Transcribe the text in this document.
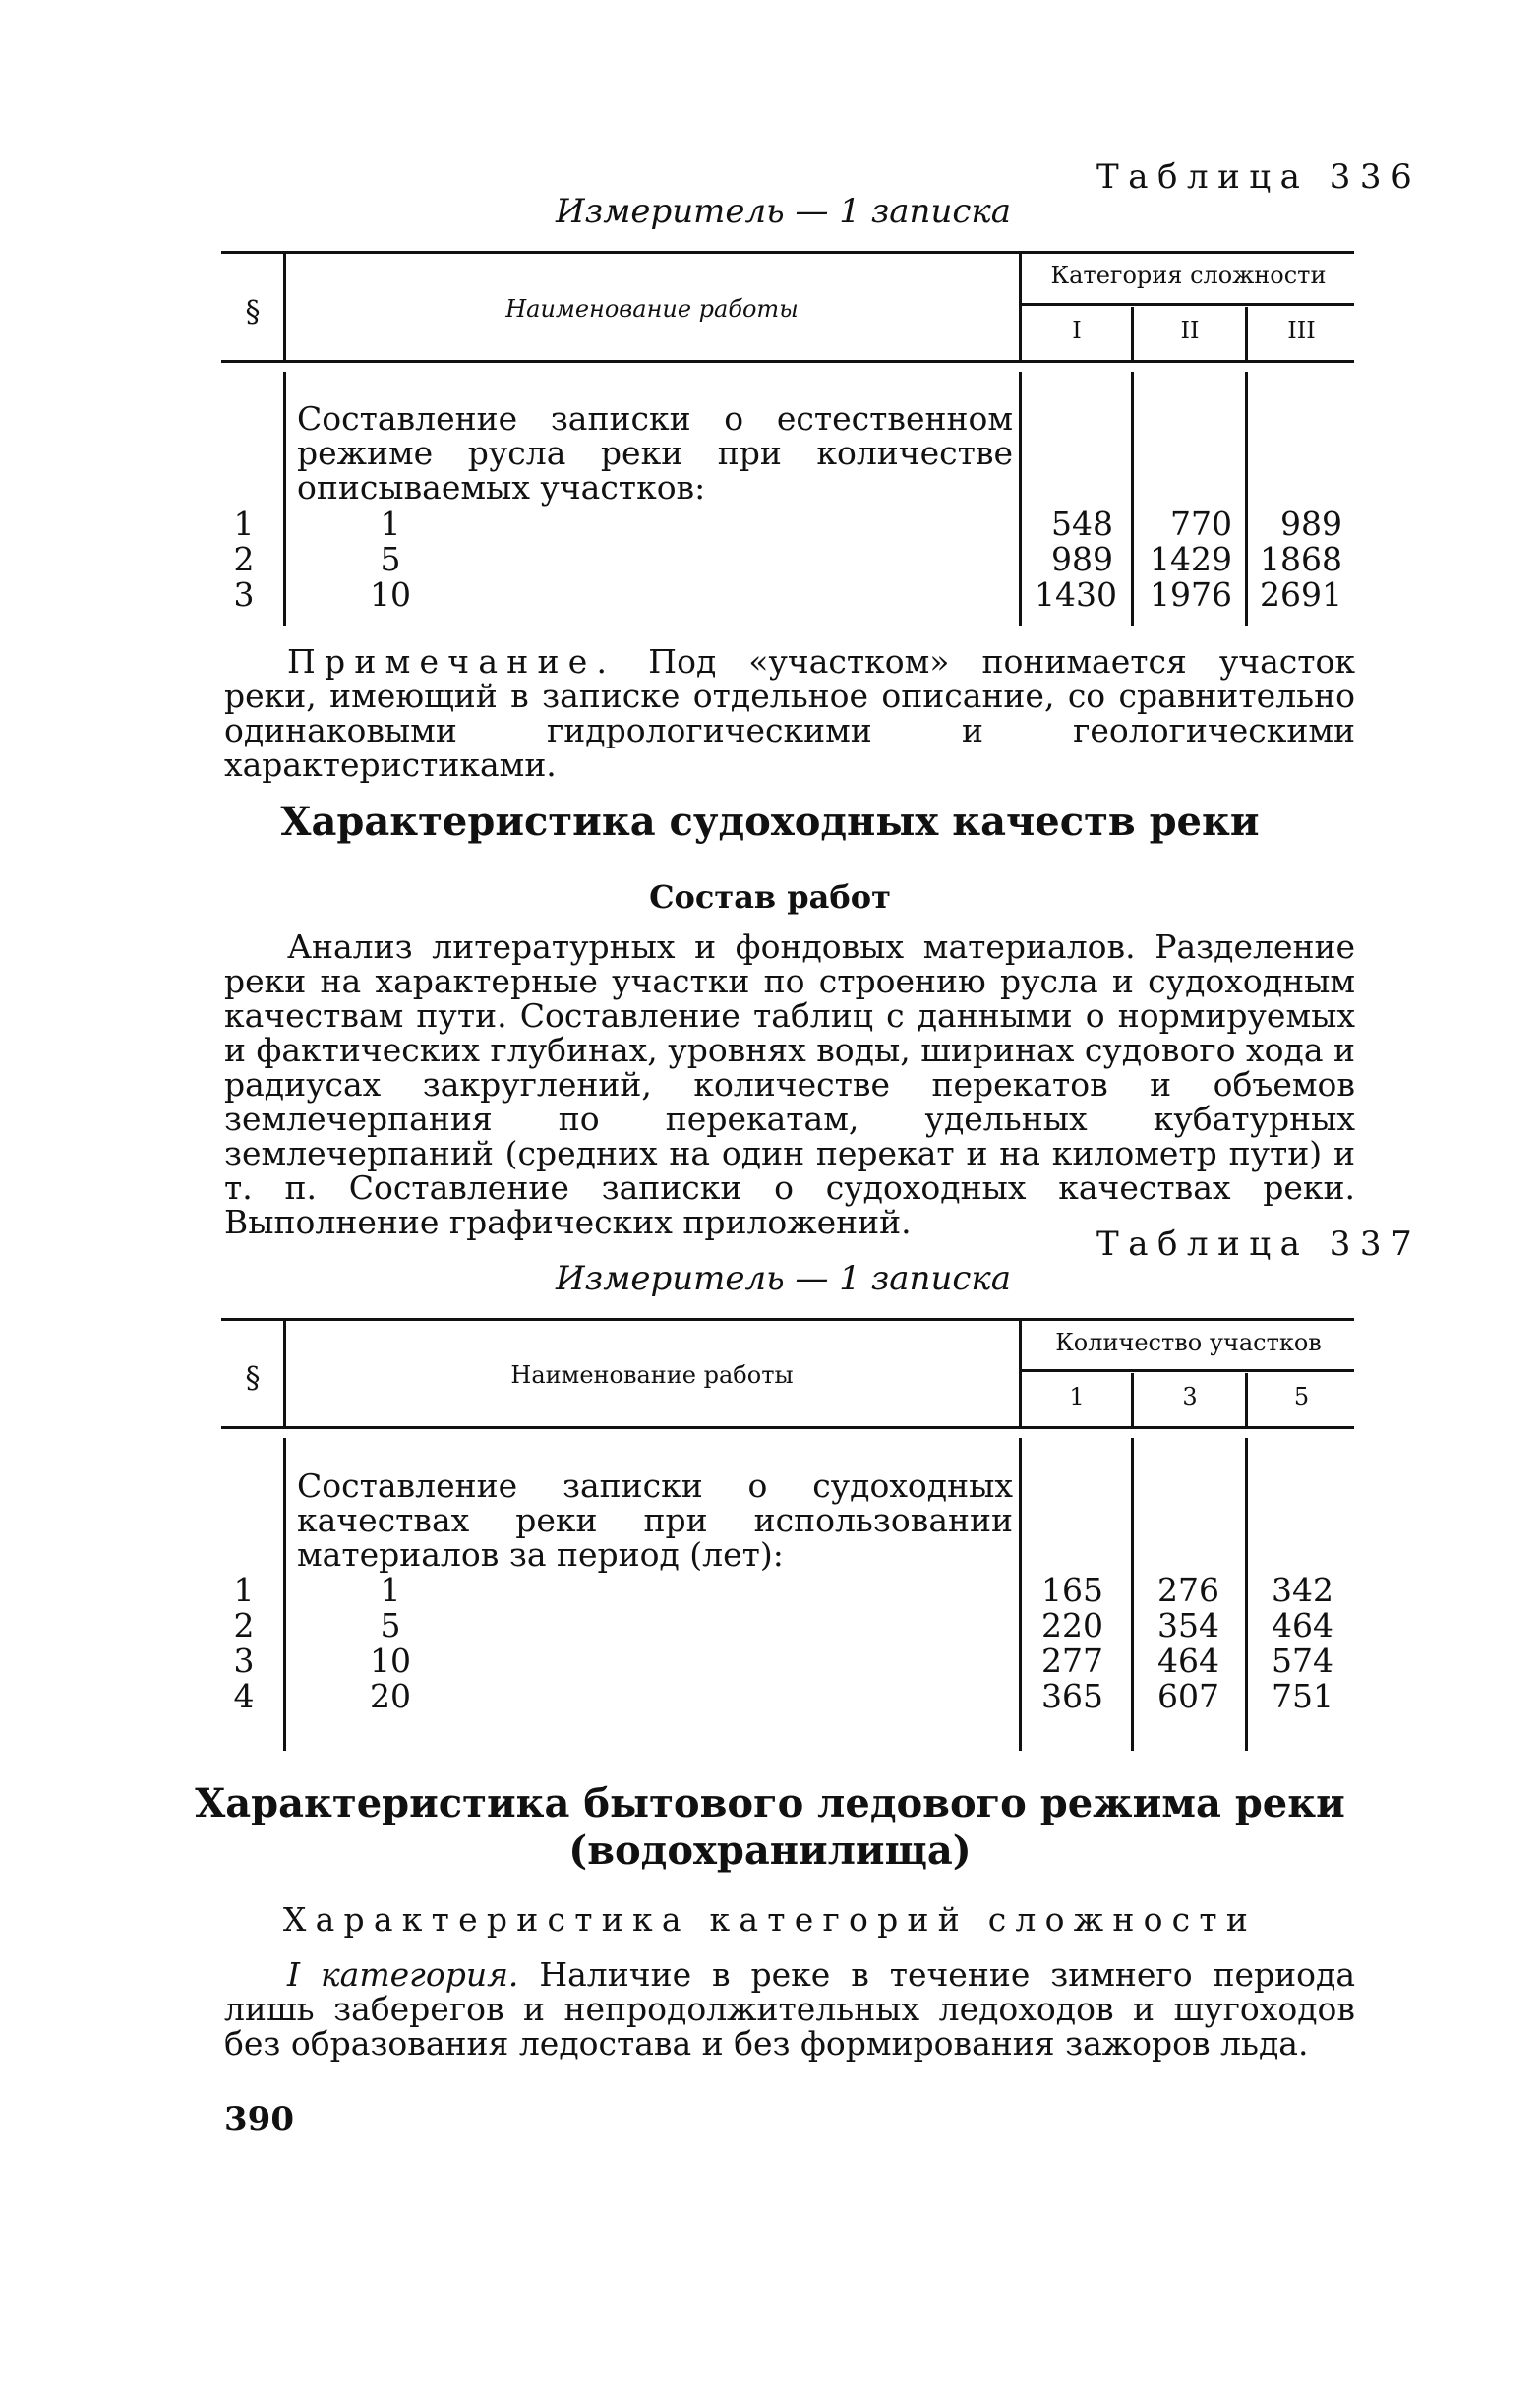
Таблица 336
Измеритель — 1 записка
§	Наименование работы
Категория сложности
I	II	III
Составление записки о естественном режиме русла реки при количестве описываемых участков:
1	1	548	770	989
2	5	989 1429 1868
3	10	1430 1976 2691
Примечание. Под «участком» понимается участок реки, имеющий в записке отдельное описание, со сравнительно одинаковыми гидрологическими и геологическими характеристиками.
Характеристика судоходных качеств реки
Состав работ
Анализ литературных и фондовых материалов. Разделение реки на характерные участки по строению русла и судоходным качествам пути. Составление таблиц с данными о нормируемых и фактических глубинах, уровнях воды, ширинах судового хода и радиусах закруглений, количестве перекатов и объемов землечерпания по перекатам, удельных кубатурных землечерпаний (средних на один перекат и на километр пути) и т. п. Составление записки о судоходных качествах реки. Выполнение графических приложений.
Таблица 337
Измеритель — 1 записка
§	Наименование работы
Количество участков
1	3	5
Составление записки о судоходных качествах реки при использовании материалов за период (лет):
1	1	165	276	342
2	5	220	354	464
3	10	277	464	574
4	20	365	607	751
Характеристика бытового ледового режима реки
(водохранилища)
Характеристика категорий сложности
I категория. Наличие в реке в течение зимнего периода лишь заберегов и непродолжительных ледоходов и шугоходов без образования ледостава и без формирования зажоров льда.
390
